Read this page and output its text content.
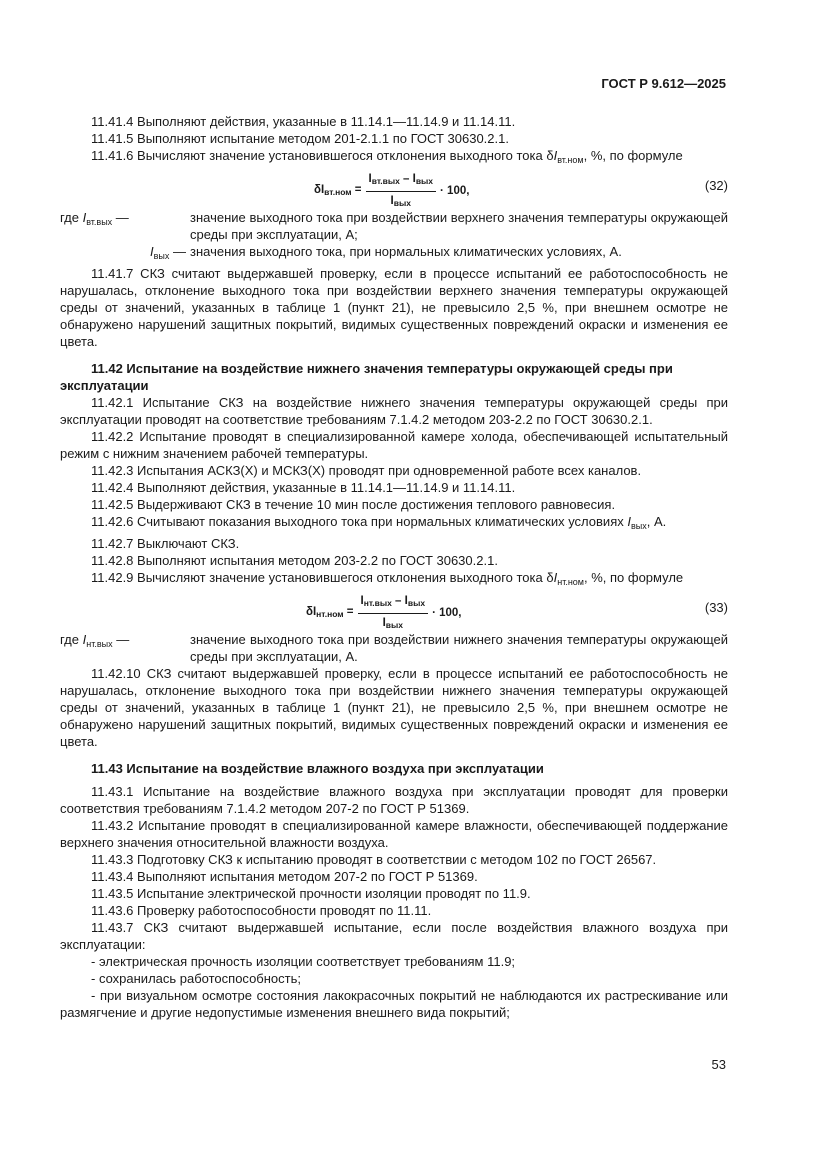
ГОСТ Р 9.612—2025

11.41.4 Выполняют действия, указанные в 11.14.1—11.14.9 и 11.14.11.

11.41.5 Выполняют испытание методом 201-2.1.1 по ГОСТ 30630.2.1.

11.41.6 Вычисляют значение установившегося отклонения выходного тока $\delta I_{вт.ном}$, %, по формуле

$\delta Iвт.ном = \frac{\text{Iвт.вых – Iвых}}{\text{Iвых}} \cdot 100$,	(32)
где $I_{вт.вых}$ —	значение выходного тока при воздействии верхнего значения температуры окружающей среды при эксплуатации, А;
$I_{вых}$ — значения выходного тока, при нормальных климатических условиях, А.

11.41.7 СКЗ считают выдержавшей проверку, если в процессе испытаний ее работоспособность не нарушалась, отклонение выходного тока при воздействии верхнего значения температуры окружающей среды от значений, указанных в таблице 1 (пункт 21), не превысило 2,5 %, при внешнем осмотре не обнаружено нарушений защитных покрытий, видимых существенных повреждений окраски и изменения ее цвета.

11.42 Испытание на воздействие нижнего значения температуры окружающей среды при эксплуатации

11.42.1 Испытание СКЗ на воздействие нижнего значения температуры окружающей среды при эксплуатации проводят на соответствие требованиям 7.1.4.2 методом 203-2.2 по ГОСТ 30630.2.1.

11.42.2 Испытание проводят в специализированной камере холода, обеспечивающей испытательный режим с нижним значением рабочей температуры.

11.42.3 Испытания АСКЗ(Х) и МСКЗ(Х) проводят при одновременной работе всех каналов.

11.42.4 Выполняют действия, указанные в 11.14.1—11.14.9 и 11.14.11.

11.42.5 Выдерживают СКЗ в течение 10 мин после достижения теплового равновесия.

11.42.6 Считывают показания выходного тока при нормальных климатических условиях $I_{вых}$, А.

11.42.7 Выключают СКЗ.

11.42.8 Выполняют испытания методом 203-2.2 по ГОСТ 30630.2.1.

11.42.9 Вычисляют значение установившегося отклонения выходного тока $\delta I_{нт.ном}$, %, по формуле

$\delta Iнт.ном = \frac{\text{Iнт.вых – Iвых}}{\text{Iвых}} \cdot 100$,	(33)
где $I_{нт.вых}$ —	значение выходного тока при воздействии нижнего значения температуры окружающей среды при эксплуатации, А.

11.42.10 СКЗ считают выдержавшей проверку, если в процессе испытаний ее работоспособность не нарушалась, отклонение выходного тока при воздействии нижнего значения температуры окружающей среды от значений, указанных в таблице 1 (пункт 21), не превысило 2,5 %, при внешнем осмотре не обнаружено нарушений защитных покрытий, видимых существенных повреждений окраски и изменения ее цвета.

11.43 Испытание на воздействие влажного воздуха при эксплуатации

11.43.1 Испытание на воздействие влажного воздуха при эксплуатации проводят для проверки соответствия требованиям 7.1.4.2 методом 207-2 по ГОСТ Р 51369.

11.43.2 Испытание проводят в специализированной камере влажности, обеспечивающей поддержание верхнего значения относительной влажности воздуха.

11.43.3 Подготовку СКЗ к испытанию проводят в соответствии с методом 102 по ГОСТ 26567.

11.43.4 Выполняют испытания методом 207-2 по ГОСТ Р 51369.

11.43.5 Испытание электрической прочности изоляции проводят по 11.9.

11.43.6 Проверку работоспособности проводят по 11.11.

11.43.7 СКЗ считают выдержавшей испытание, если после воздействия влажного воздуха при эксплуатации:

- электрическая прочность изоляции соответствует требованиям 11.9;

- сохранилась работоспособность;

- при визуальном осмотре состояния лакокрасочных покрытий не наблюдаются их растрескивание или размягчение и другие недопустимые изменения внешнего вида покрытий;

53
